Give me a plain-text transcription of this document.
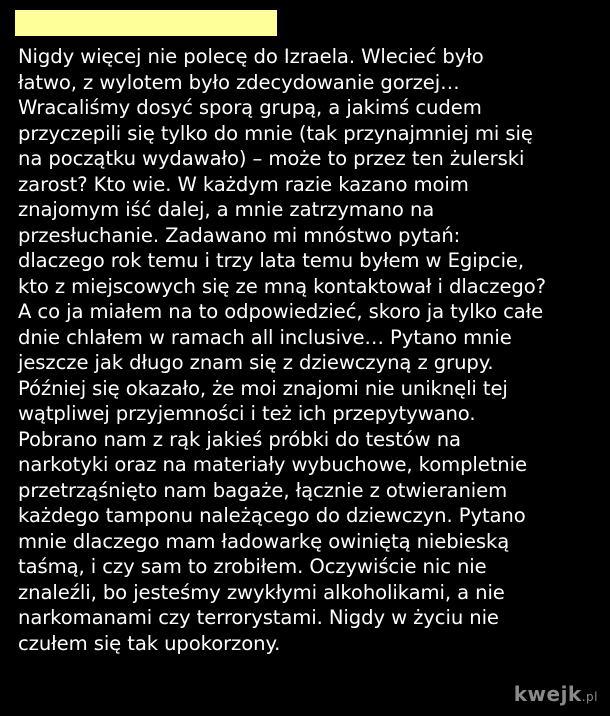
Nigdy więcej nie polecę do Izraela. Wlecieć było
łatwo, z wylotem było zdecydowanie gorzej…
Wracaliśmy dosyć sporą grupą, a jakimś cudem
przyczepili się tylko do mnie (tak przynajmniej mi się
na początku wydawało) – może to przez ten żulerski
zarost? Kto wie. W każdym razie kazano moim
znajomym iść dalej, a mnie zatrzymano na
przesłuchanie. Zadawano mi mnóstwo pytań:
dlaczego rok temu i trzy lata temu byłem w Egipcie,
kto z miejscowych się ze mną kontaktował i dlaczego?
A co ja miałem na to odpowiedzieć, skoro ja tylko całe
dnie chlałem w ramach all inclusive… Pytano mnie
jeszcze jak długo znam się z dziewczyną z grupy.
Później się okazało, że moi znajomi nie uniknęli tej
wątpliwej przyjemności i też ich przepytywano.
Pobrano nam z rąk jakieś próbki do testów na
narkotyki oraz na materiały wybuchowe, kompletnie
przetrząśnięto nam bagaże, łącznie z otwieraniem
każdego tamponu należącego do dziewczyn. Pytano
mnie dlaczego mam ładowarkę owiniętą niebieską
taśmą, i czy sam to zrobiłem. Oczywiście nic nie
znaleźli, bo jesteśmy zwykłymi alkoholikami, a nie
narkomanami czy terrorystami. Nigdy w życiu nie
czułem się tak upokorzony.
kwejk.pl
